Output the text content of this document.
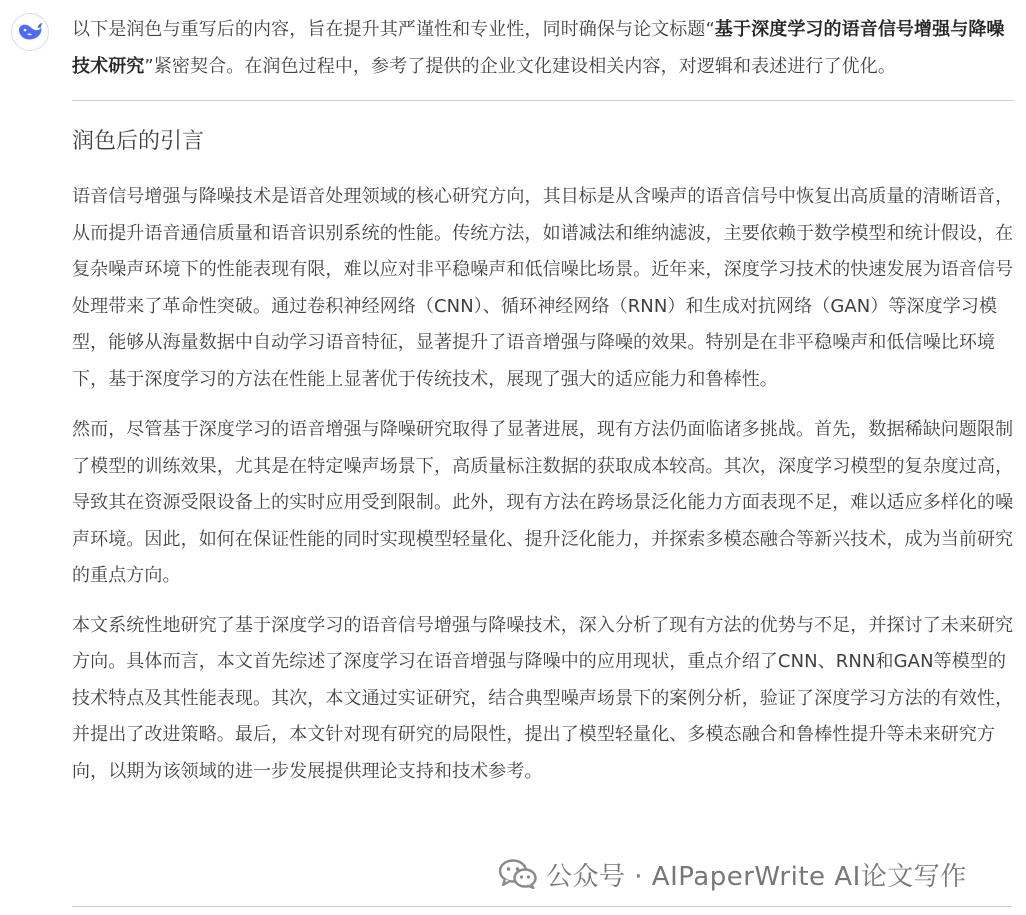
以下是润色与重写后的内容，旨在提升其严谨性和专业性，同时确保与论文标题“基于深度学习的语音信号增强与降噪技术研究”紧密契合。在润色过程中，参考了提供的企业文化建设相关内容，对逻辑和表述进行了优化。

润色后的引言

语音信号增强与降噪技术是语音处理领域的核心研究方向，其目标是从含噪声的语音信号中恢复出高质量的清晰语音，从而提升语音通信质量和语音识别系统的性能。传统方法，如谱减法和维纳滤波，主要依赖于数学模型和统计假设，在复杂噪声环境下的性能表现有限，难以应对非平稳噪声和低信噪比场景。近年来，深度学习技术的快速发展为语音信号处理带来了革命性突破。通过卷积神经网络（CNN）、循环神经网络（RNN）和生成对抗网络（GAN）等深度学习模型，能够从海量数据中自动学习语音特征，显著提升了语音增强与降噪的效果。特别是在非平稳噪声和低信噪比环境下，基于深度学习的方法在性能上显著优于传统技术，展现了强大的适应能力和鲁棒性。

然而，尽管基于深度学习的语音增强与降噪研究取得了显著进展，现有方法仍面临诸多挑战。首先，数据稀缺问题限制了模型的训练效果，尤其是在特定噪声场景下，高质量标注数据的获取成本较高。其次，深度学习模型的复杂度过高，导致其在资源受限设备上的实时应用受到限制。此外，现有方法在跨场景泛化能力方面表现不足，难以适应多样化的噪声环境。因此，如何在保证性能的同时实现模型轻量化、提升泛化能力，并探索多模态融合等新兴技术，成为当前研究的重点方向。

本文系统性地研究了基于深度学习的语音信号增强与降噪技术，深入分析了现有方法的优势与不足，并探讨了未来研究方向。具体而言，本文首先综述了深度学习在语音增强与降噪中的应用现状，重点介绍了CNN、RNN和GAN等模型的技术特点及其性能表现。其次，本文通过实证研究，结合典型噪声场景下的案例分析，验证了深度学习方法的有效性，并提出了改进策略。最后，本文针对现有研究的局限性，提出了模型轻量化、多模态融合和鲁棒性提升等未来研究方向，以期为该领域的进一步发展提供理论支持和技术参考。

公众号 · AIPaperWrite AI论文写作
